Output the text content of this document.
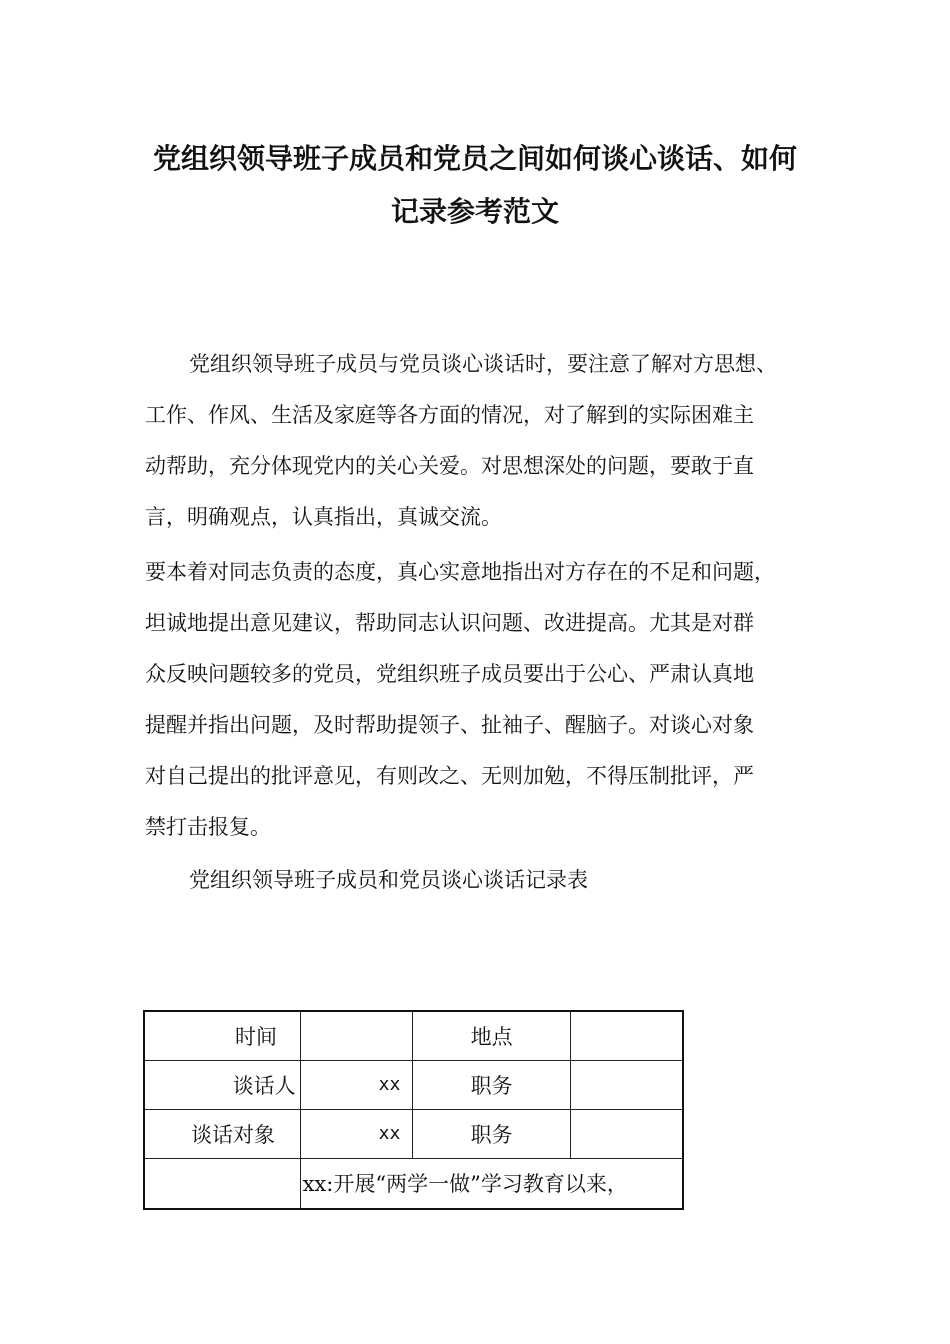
党组织领导班子成员和党员之间如何谈心谈话、如何
记录参考范文
党组织领导班子成员与党员谈心谈话时，要注意了解对方思想、
工作、作风、生活及家庭等各方面的情况，对了解到的实际困难主
动帮助，充分体现党内的关心关爱。对思想深处的问题，要敢于直
言，明确观点，认真指出，真诚交流。
要本着对同志负责的态度，真心实意地指出对方存在的不足和问题，
坦诚地提出意见建议，帮助同志认识问题、改进提高。尤其是对群
众反映问题较多的党员，党组织班子成员要出于公心、严肃认真地
提醒并指出问题，及时帮助提领子、扯袖子、醒脑子。对谈心对象
对自己提出的批评意见，有则改之、无则加勉，不得压制批评，严
禁打击报复。
党组织领导班子成员和党员谈心谈话记录表
时间		地点	
谈话人	xx	职务	
谈话对象	xx	职务	
	xx:开展“两学一做”学习教育以来，		
